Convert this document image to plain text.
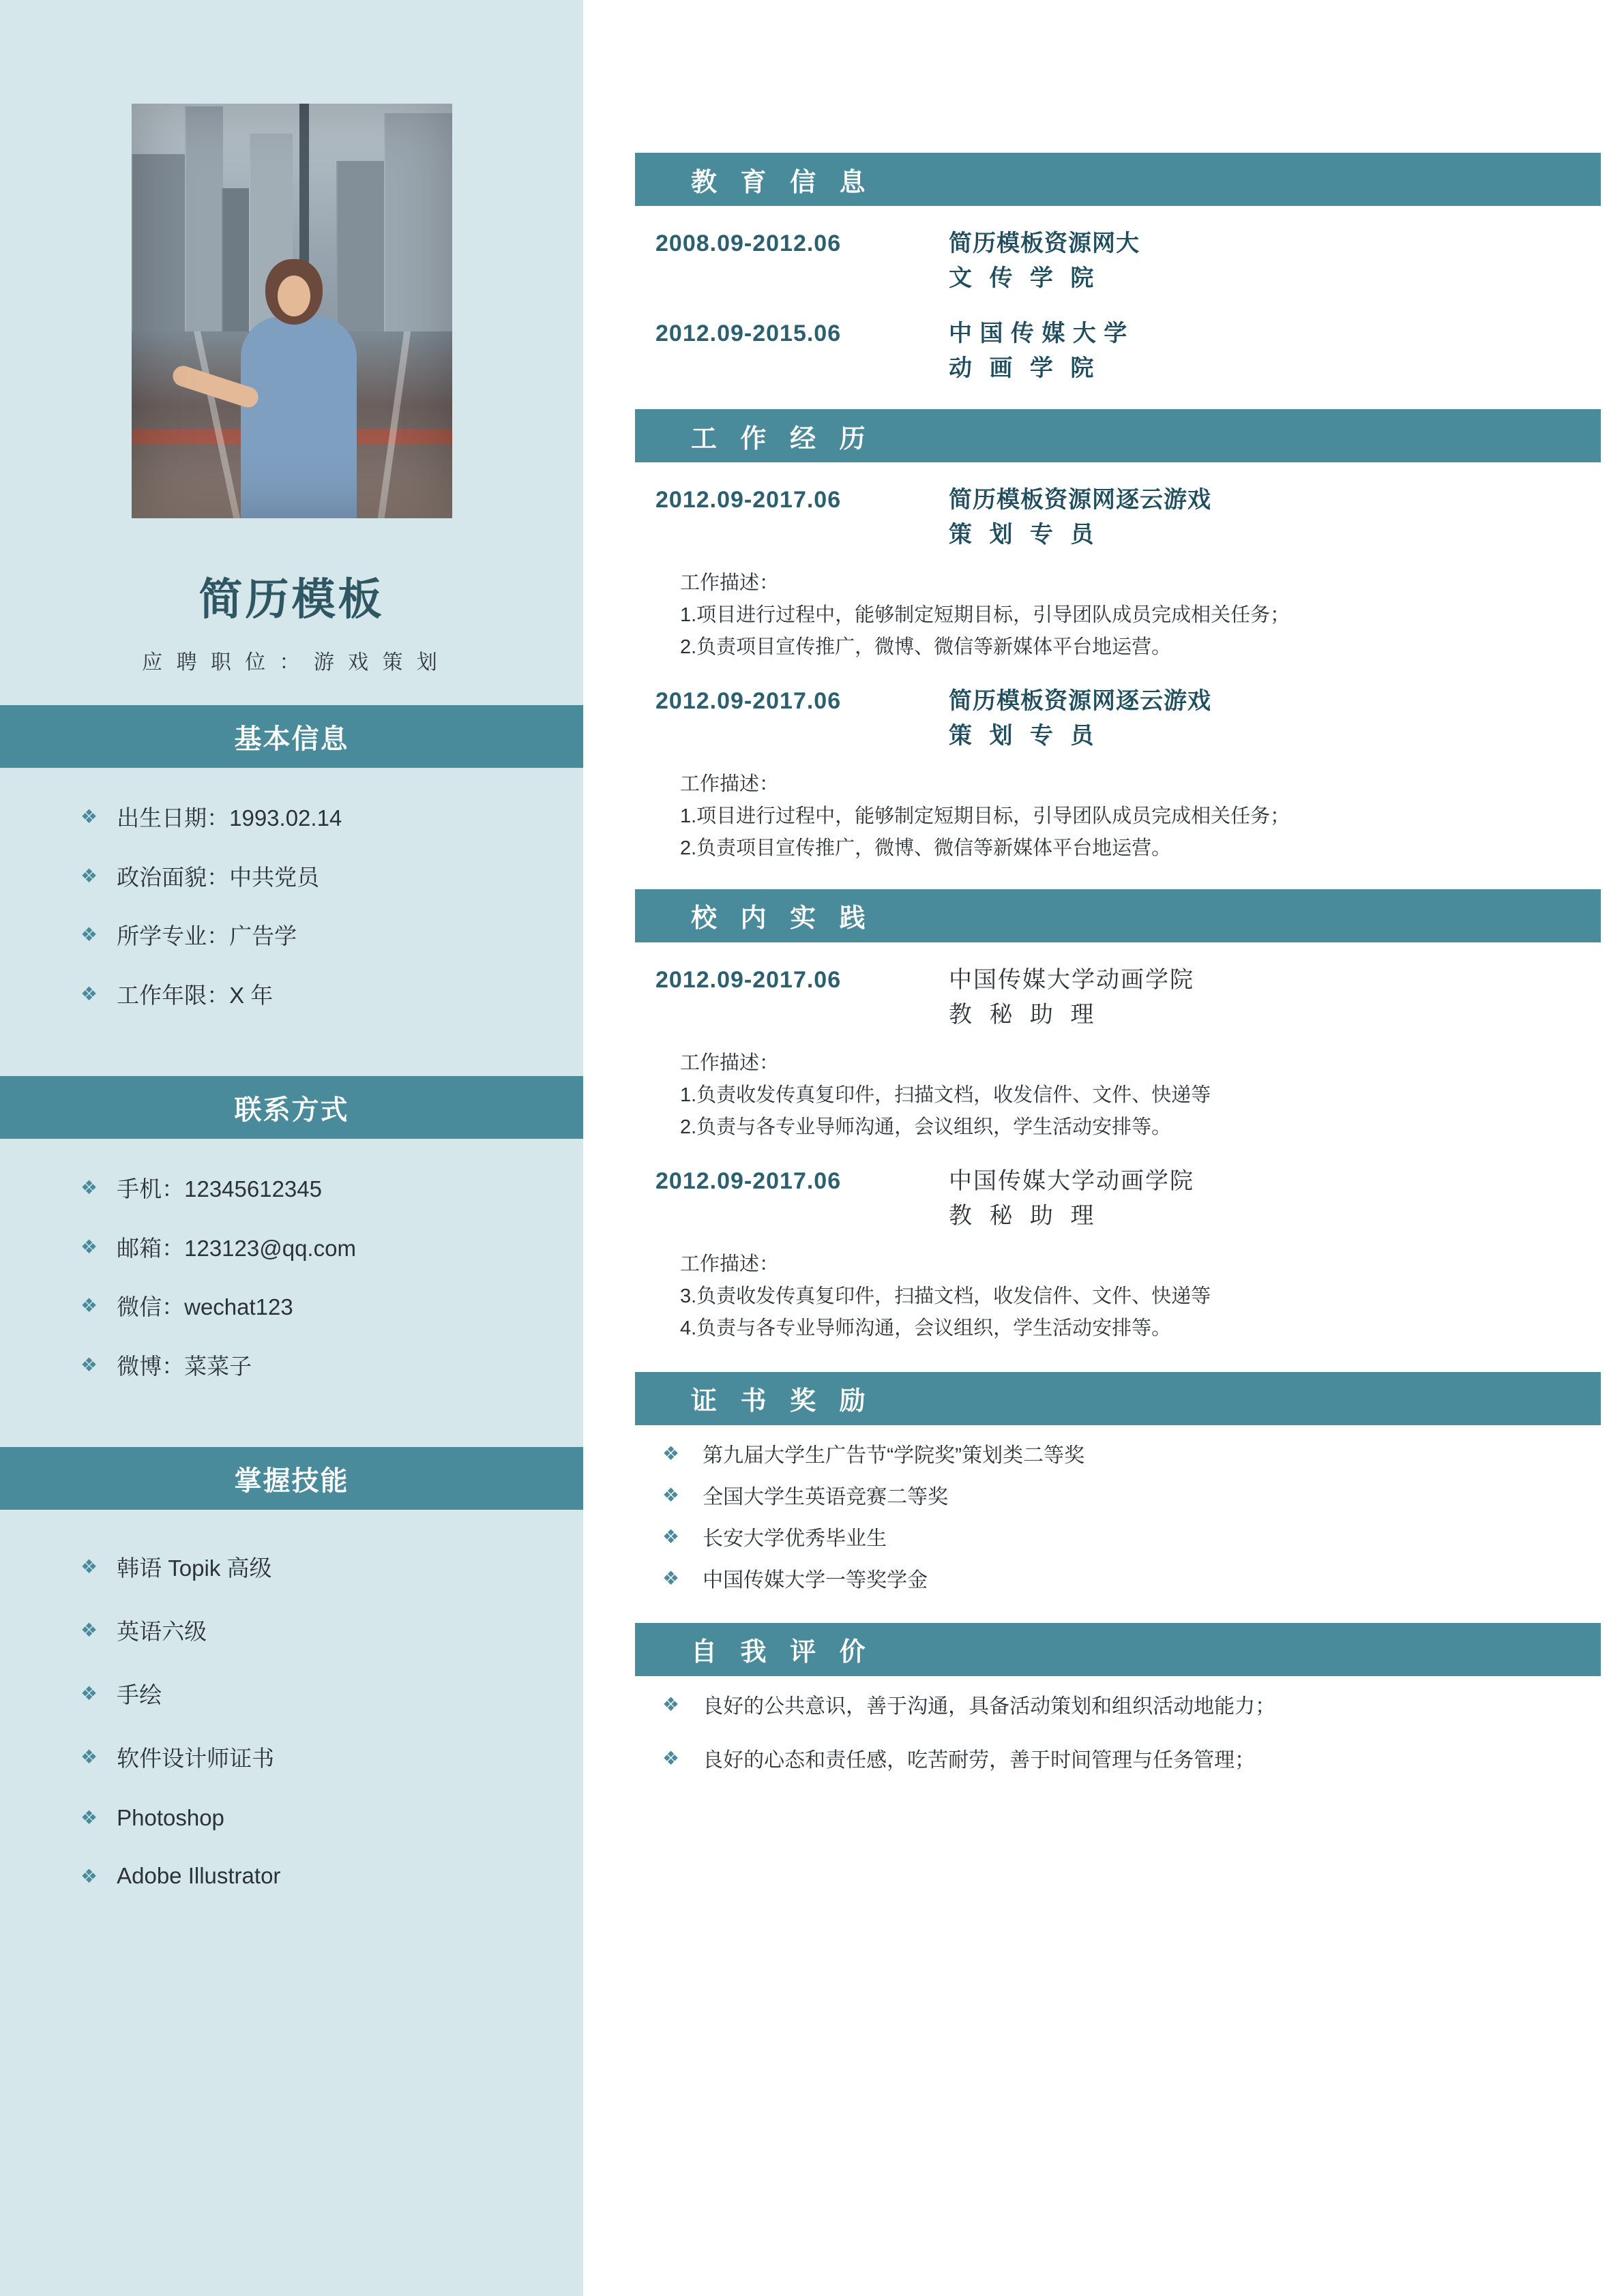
简历模板
应 聘 职 位 ： 游 戏 策 划
基本信息
❖ 出生日期：1993.02.14
❖ 政治面貌：中共党员
❖ 所学专业：广告学
❖ 工作年限：X 年
联系方式
❖ 手机：12345612345
❖ 邮箱：123123@qq.com
❖ 微信：wechat123
❖ 微博：菜菜子
掌握技能
❖ 韩语 Topik 高级
❖ 英语六级
❖ 手绘
❖ 软件设计师证书
❖ Photoshop
❖ Adobe Illustrator
教 育 信 息
2008.09-2012.06	简历模板资源网大
文 传 学 院
2012.09-2015.06	中 国 传 媒 大 学
动 画 学 院
工 作 经 历
2012.09-2017.06	简历模板资源网逐云游戏
策 划 专 员
工作描述：
1.项目进行过程中，能够制定短期目标，引导团队成员完成相关任务；
2.负责项目宣传推广，微博、微信等新媒体平台地运营。
2012.09-2017.06	简历模板资源网逐云游戏
策 划 专 员
工作描述：
1.项目进行过程中，能够制定短期目标，引导团队成员完成相关任务；
2.负责项目宣传推广，微博、微信等新媒体平台地运营。
校 内 实 践
2012.09-2017.06	中国传媒大学动画学院
教 秘 助 理
工作描述：
1.负责收发传真复印件，扫描文档，收发信件、文件、快递等
2.负责与各专业导师沟通，会议组织，学生活动安排等。
2012.09-2017.06	中国传媒大学动画学院
教 秘 助 理
工作描述：
3.负责收发传真复印件，扫描文档，收发信件、文件、快递等
4.负责与各专业导师沟通，会议组织，学生活动安排等。
证 书 奖 励
❖ 第九届大学生广告节“学院奖”策划类二等奖
❖ 全国大学生英语竞赛二等奖
❖ 长安大学优秀毕业生
❖ 中国传媒大学一等奖学金
自 我 评 价
❖ 良好的公共意识，善于沟通，具备活动策划和组织活动地能力；
❖ 良好的心态和责任感，吃苦耐劳，善于时间管理与任务管理；
